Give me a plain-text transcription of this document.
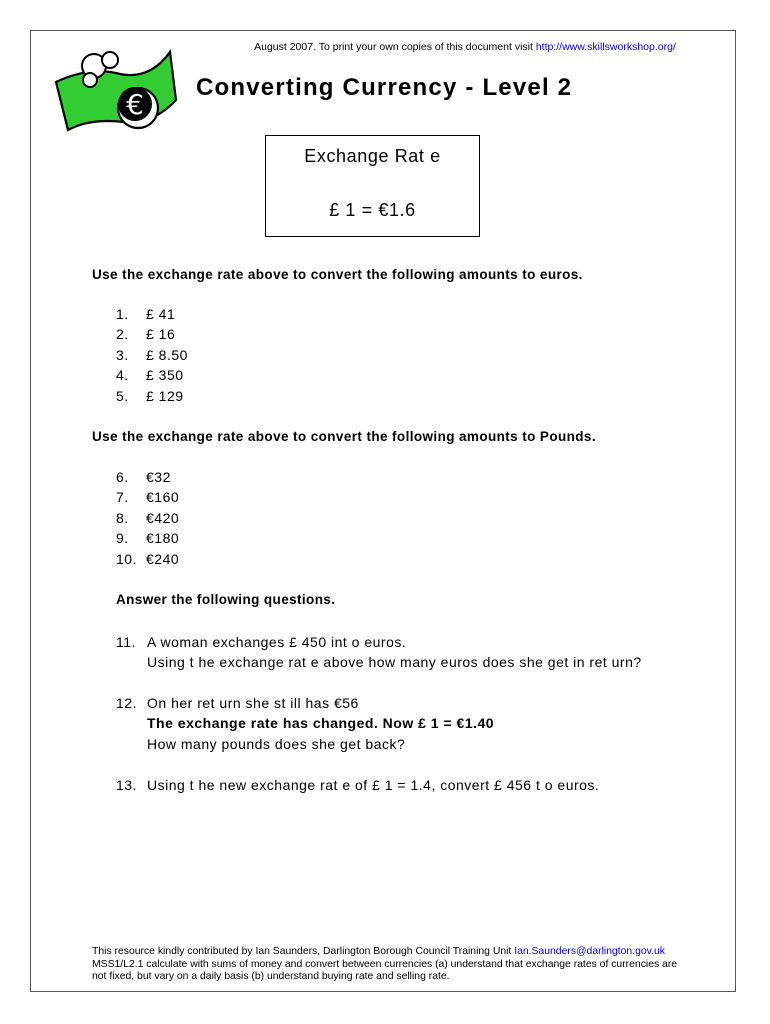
August 2007. To print your own copies of this document visit http://www.skillsworkshop.org/
€
Converting Currency - Level 2
Exchange Rat e
£ 1 = €1.6
Use the exchange rate above to convert the following amounts to euros.
1. £ 41
2. £ 16
3. £ 8.50
4. £ 350
5. £ 129
Use the exchange rate above to convert the following amounts to Pounds.
6. €32
7. €160
8. €420
9. €180
10. €240
Answer the following questions.
11. A woman exchanges £ 450 int o euros.
Using t he exchange rat e above how many euros does she get in ret urn?
12. On her ret urn she st ill has €56
The exchange rate has changed. Now £ 1 = €1.40
How many pounds does she get back?
13. Using t he new exchange rat e of £ 1 = 1.4, convert £ 456 t o euros.
This resource kindly contributed by Ian Saunders, Darlington Borough Council Training Unit Ian.Saunders@darlington.gov.uk
MSS1/L2.1 calculate with sums of money and convert between currencies (a) understand that exchange rates of currencies are not fixed, but vary on a daily basis (b) understand buying rate and selling rate.
